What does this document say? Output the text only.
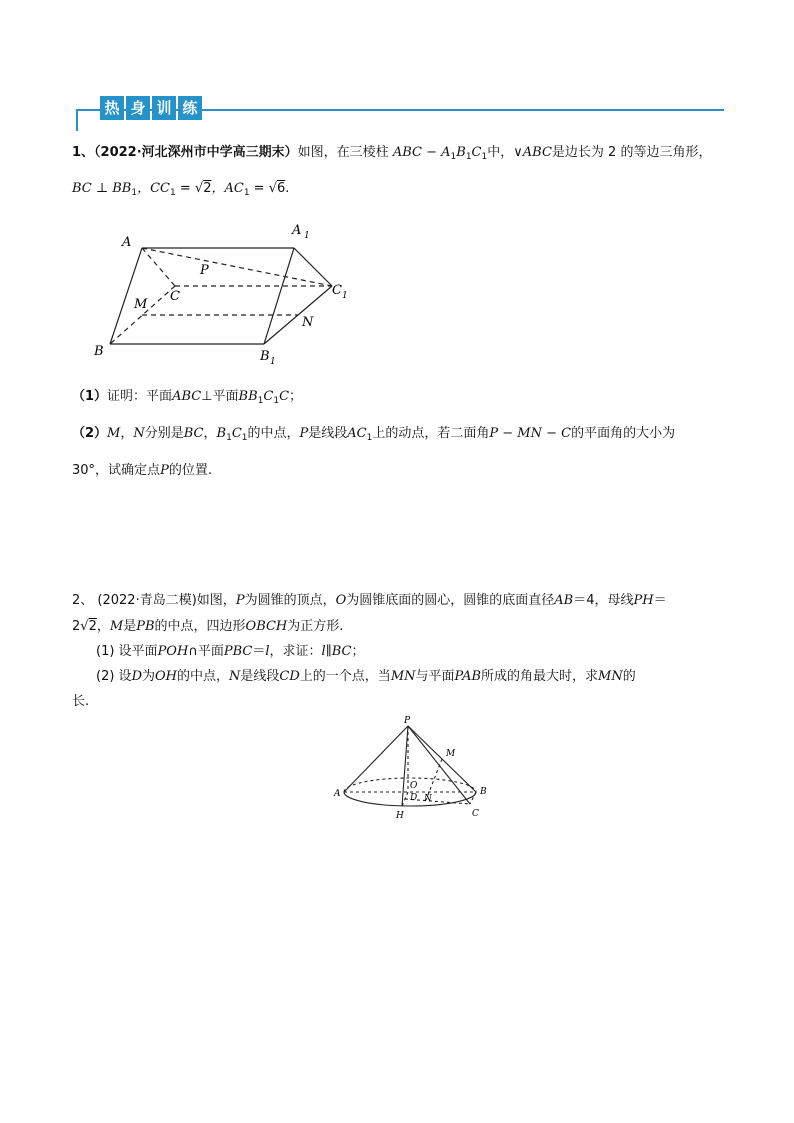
热 身 训 练
1、（2022·河北深州市中学高三期末）如图，在三棱柱 ABC − $A_1B_1C_1$中，∨ABC是边长为 2 的等边三角形，
BC ⊥ $BB_1$，$CC_1 = √2$，$AC_1 = √6$.
A
A 1
P
C	C 1
M
N
B	B 1
（1）证明：平面ABC⊥平面$BB_1C_1C$；
（2）M，N分别是BC，$B_1C_1$的中点，P是线段$AC_1$上的动点，若二面角P − MN − C的平面角的大小为
30°，试确定点P的位置.
2、 (2022·青岛二模)如图，P为圆锥的顶点，O为圆锥底面的圆心，圆锥的底面直径AB＝4，母线PH＝
2√2，M是PB的中点，四边形OBCH为正方形.
(1) 设平面POH∩平面PBC＝l，求证：l∥BC；
(2) 设D为OH的中点，N是线段CD上的一个点，当MN与平面PAB所成的角最大时，求MN的
长.
P
M
A	B
O
D N
H	C
